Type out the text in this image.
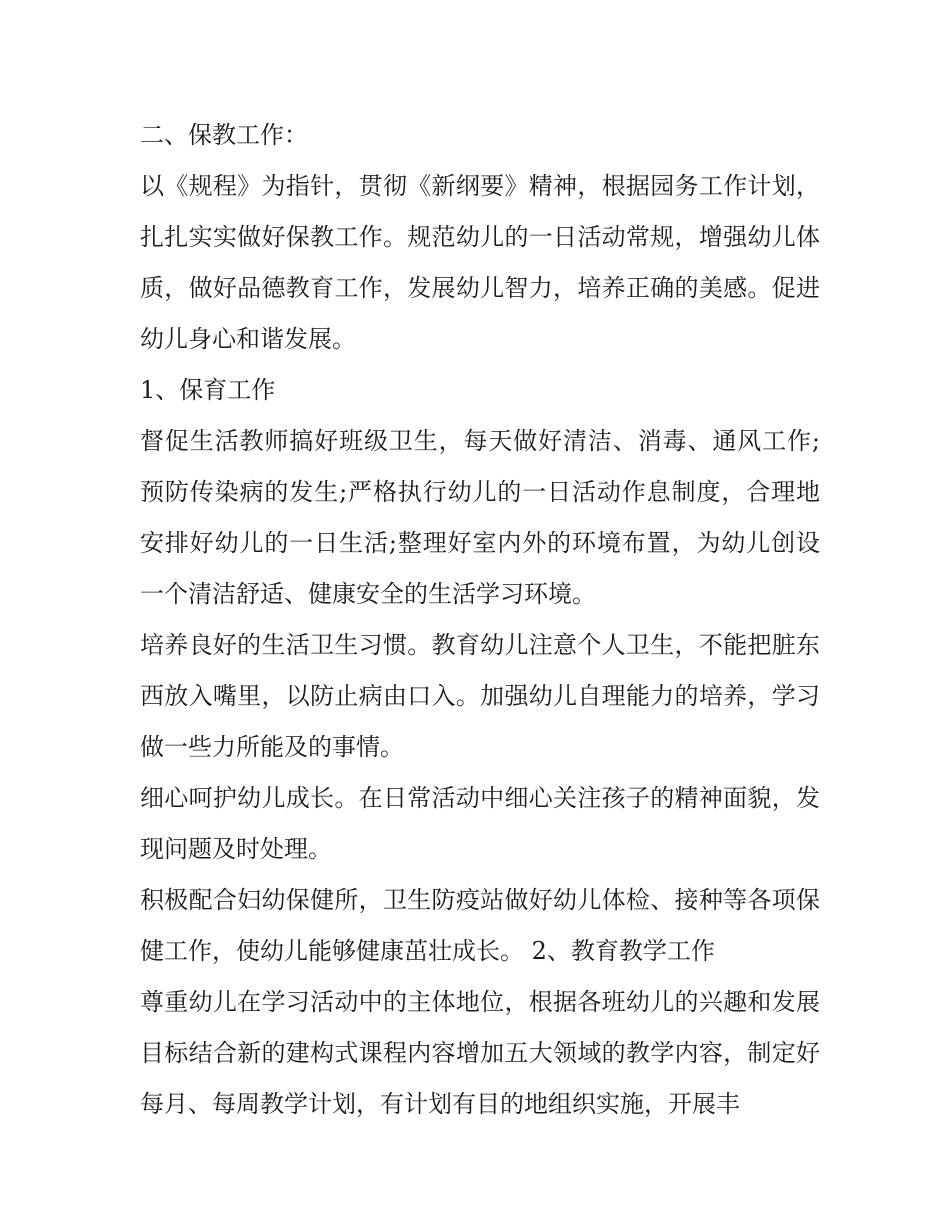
二、保教工作：

以《规程》为指针，贯彻《新纲要》精神，根据园务工作计划，扎扎实实做好保教工作。规范幼儿的一日活动常规，增强幼儿体质，做好品德教育工作，发展幼儿智力，培养正确的美感。促进幼儿身心和谐发展。

1、保育工作

督促生活教师搞好班级卫生，每天做好清洁、消毒、通风工作;预防传染病的发生;严格执行幼儿的一日活动作息制度，合理地安排好幼儿的一日生活;整理好室内外的环境布置，为幼儿创设一个清洁舒适、健康安全的生活学习环境。

培养良好的生活卫生习惯。教育幼儿注意个人卫生，不能把脏东西放入嘴里，以防止病由口入。加强幼儿自理能力的培养，学习做一些力所能及的事情。

细心呵护幼儿成长。在日常活动中细心关注孩子的精神面貌，发现问题及时处理。

积极配合妇幼保健所，卫生防疫站做好幼儿体检、接种等各项保健工作，使幼儿能够健康茁壮成长。 2、教育教学工作

尊重幼儿在学习活动中的主体地位，根据各班幼儿的兴趣和发展目标结合新的建构式课程内容增加五大领域的教学内容，制定好每月、每周教学计划，有计划有目的地组织实施，开展丰
